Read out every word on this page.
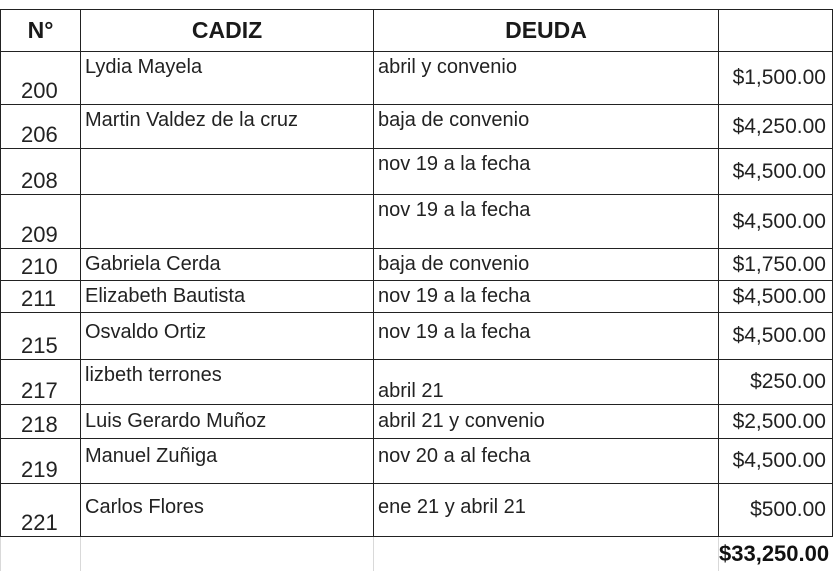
N°	CADIZ	DEUDA	
200	Lydia Mayela	abril y convenio	$1,500.00
206	Martin Valdez de la cruz	baja de convenio	$4,250.00
208		nov 19 a la fecha	$4,500.00
209		nov 19 a la fecha	$4,500.00
210	Gabriela Cerda	baja de convenio	$1,750.00
211	Elizabeth Bautista	nov 19 a la fecha	$4,500.00
215	Osvaldo Ortiz	nov 19 a la fecha	$4,500.00
217	lizbeth terrones	abril 21	$250.00
218	Luis Gerardo Muñoz	abril 21 y convenio	$2,500.00
219	Manuel Zuñiga	nov 20 a al fecha	$4,500.00
221	Carlos Flores	ene 21 y abril 21	$500.00
			$33,250.00
